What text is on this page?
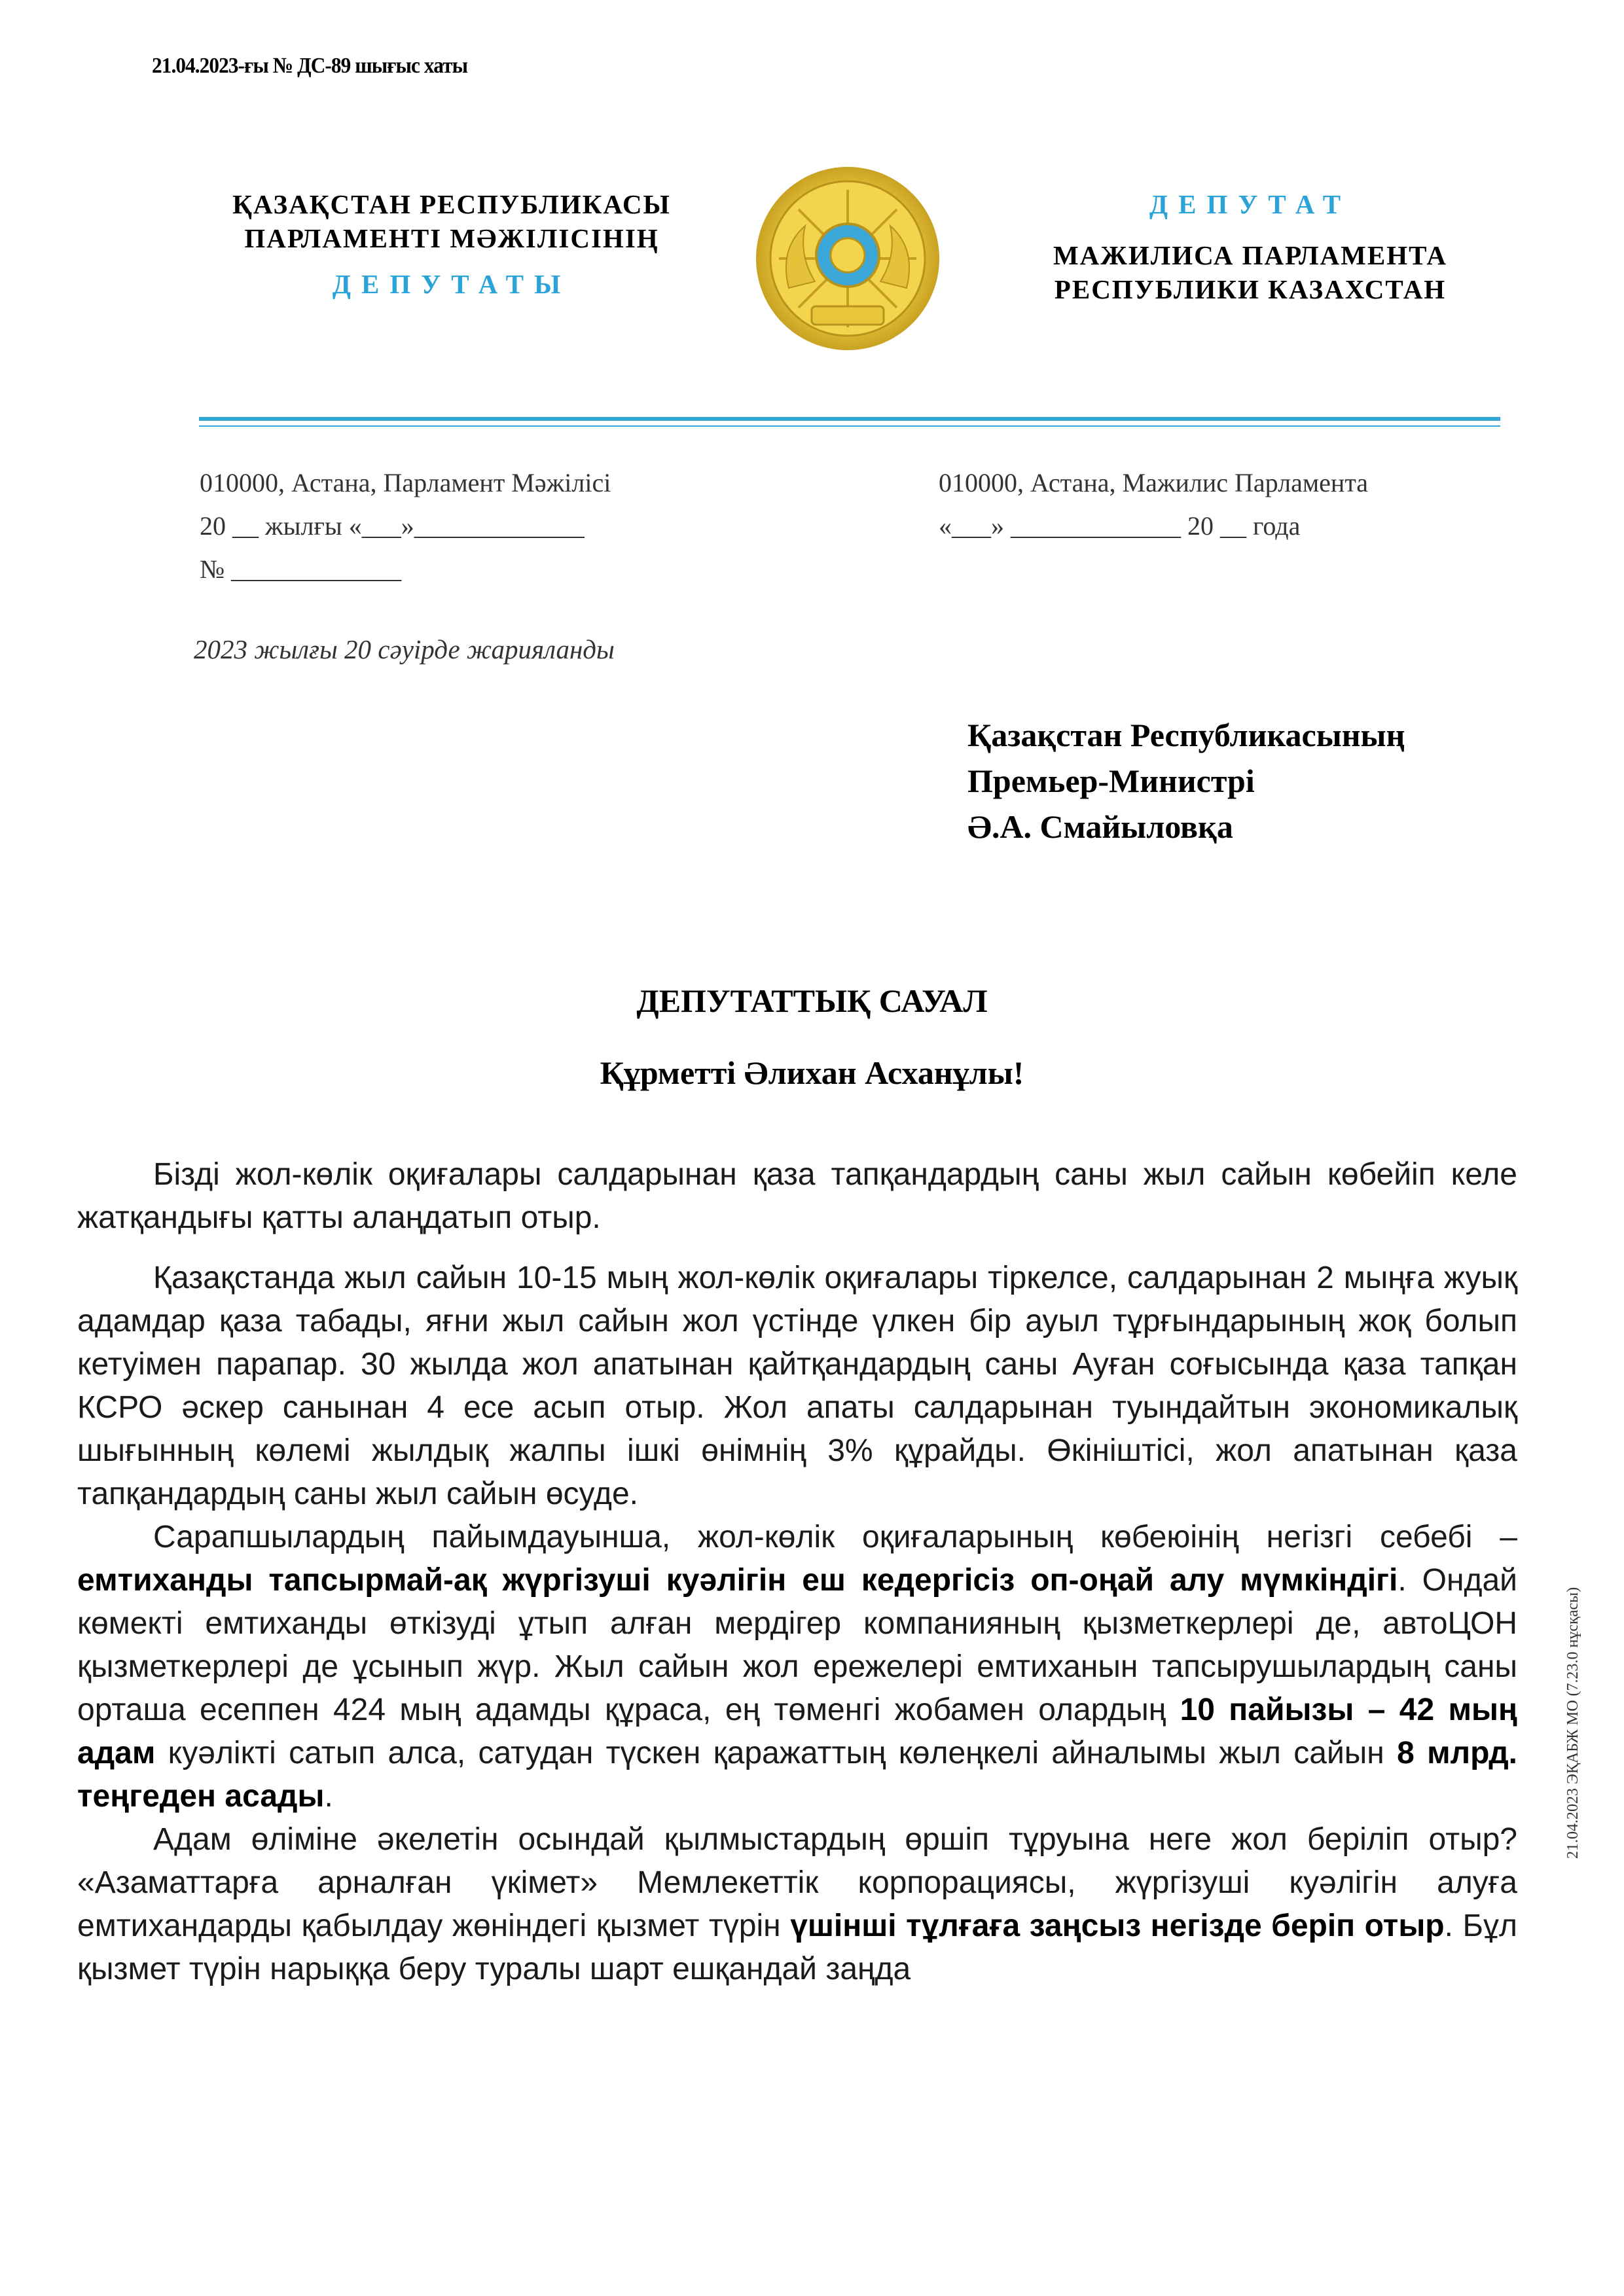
21.04.2023-ғы № ДС-89 шығыс хаты
ҚАЗАҚСТАН РЕСПУБЛИКАСЫ
ПАРЛАМЕНТІ МӘЖІЛІСІНІҢ
ДЕПУТАТЫ
ДЕПУТАТ
МАЖИЛИСА ПАРЛАМЕНТА
РЕСПУБЛИКИ КАЗАХСТАН
010000, Астана, Парламент Мәжілісі
20 __ жылғы «___»_____________
№ _____________
010000, Астана, Мажилис Парламента
«___» _____________ 20 __ года
2023 жылғы 20 сәуірде жарияланды
Қазақстан Республикасының
Премьер-Министрі
Ә.А. Смайыловқа
ДЕПУТАТТЫҚ САУАЛ
Құрметті Әлихан Асханұлы!

Бізді жол-көлік оқиғалары салдарынан қаза тапқандардың саны жыл сайын көбейіп келе жатқандығы қатты алаңдатып отыр.

Қазақстанда жыл сайын 10-15 мың жол-көлік оқиғалары тіркелсе, салдарынан 2 мыңға жуық адамдар қаза табады, яғни жыл сайын жол үстінде үлкен бір ауыл тұрғындарының жоқ болып кетуімен парапар. 30 жылда жол апатынан қайтқандардың саны Ауған соғысында қаза тапқан КСРО әскер санынан 4 есе асып отыр. Жол апаты салдарынан туындайтын экономикалық шығынның көлемі жылдық жалпы ішкі өнімнің 3% құрайды. Өкініштісі, жол апатынан қаза тапқандардың саны жыл сайын өсуде.

Сарапшылардың пайымдауынша, жол-көлік оқиғаларының көбеюінің негізгі себебі – емтиханды тапсырмай-ақ жүргізуші куәлігін еш кедергісіз оп-оңай алу мүмкіндігі. Ондай көмекті емтиханды өткізуді ұтып алған мердігер компанияның қызметкерлері де, автоЦОН қызметкерлері де ұсынып жүр. Жыл сайын жол ережелері емтиханын тапсырушылардың саны орташа есеппен 424 мың адамды құраса, ең төменгі жобамен олардың 10 пайызы – 42 мың адам куәлікті сатып алса, сатудан түскен қаражаттың көлеңкелі айналымы жыл сайын 8 млрд. теңгеден асады.

Адам өліміне әкелетін осындай қылмыстардың өршіп тұруына неге жол беріліп отыр? «Азаматтарға арналған үкімет» Мемлекеттік корпорациясы, жүргізуші куәлігін алуға емтихандарды қабылдау жөніндегі қызмет түрін үшінші тұлғаға заңсыз негізде беріп отыр. Бұл қызмет түрін нарыққа беру туралы шарт ешқандай заңда

21.04.2023 ЭҚАБЖ МО (7.23.0 нұсқасы)
